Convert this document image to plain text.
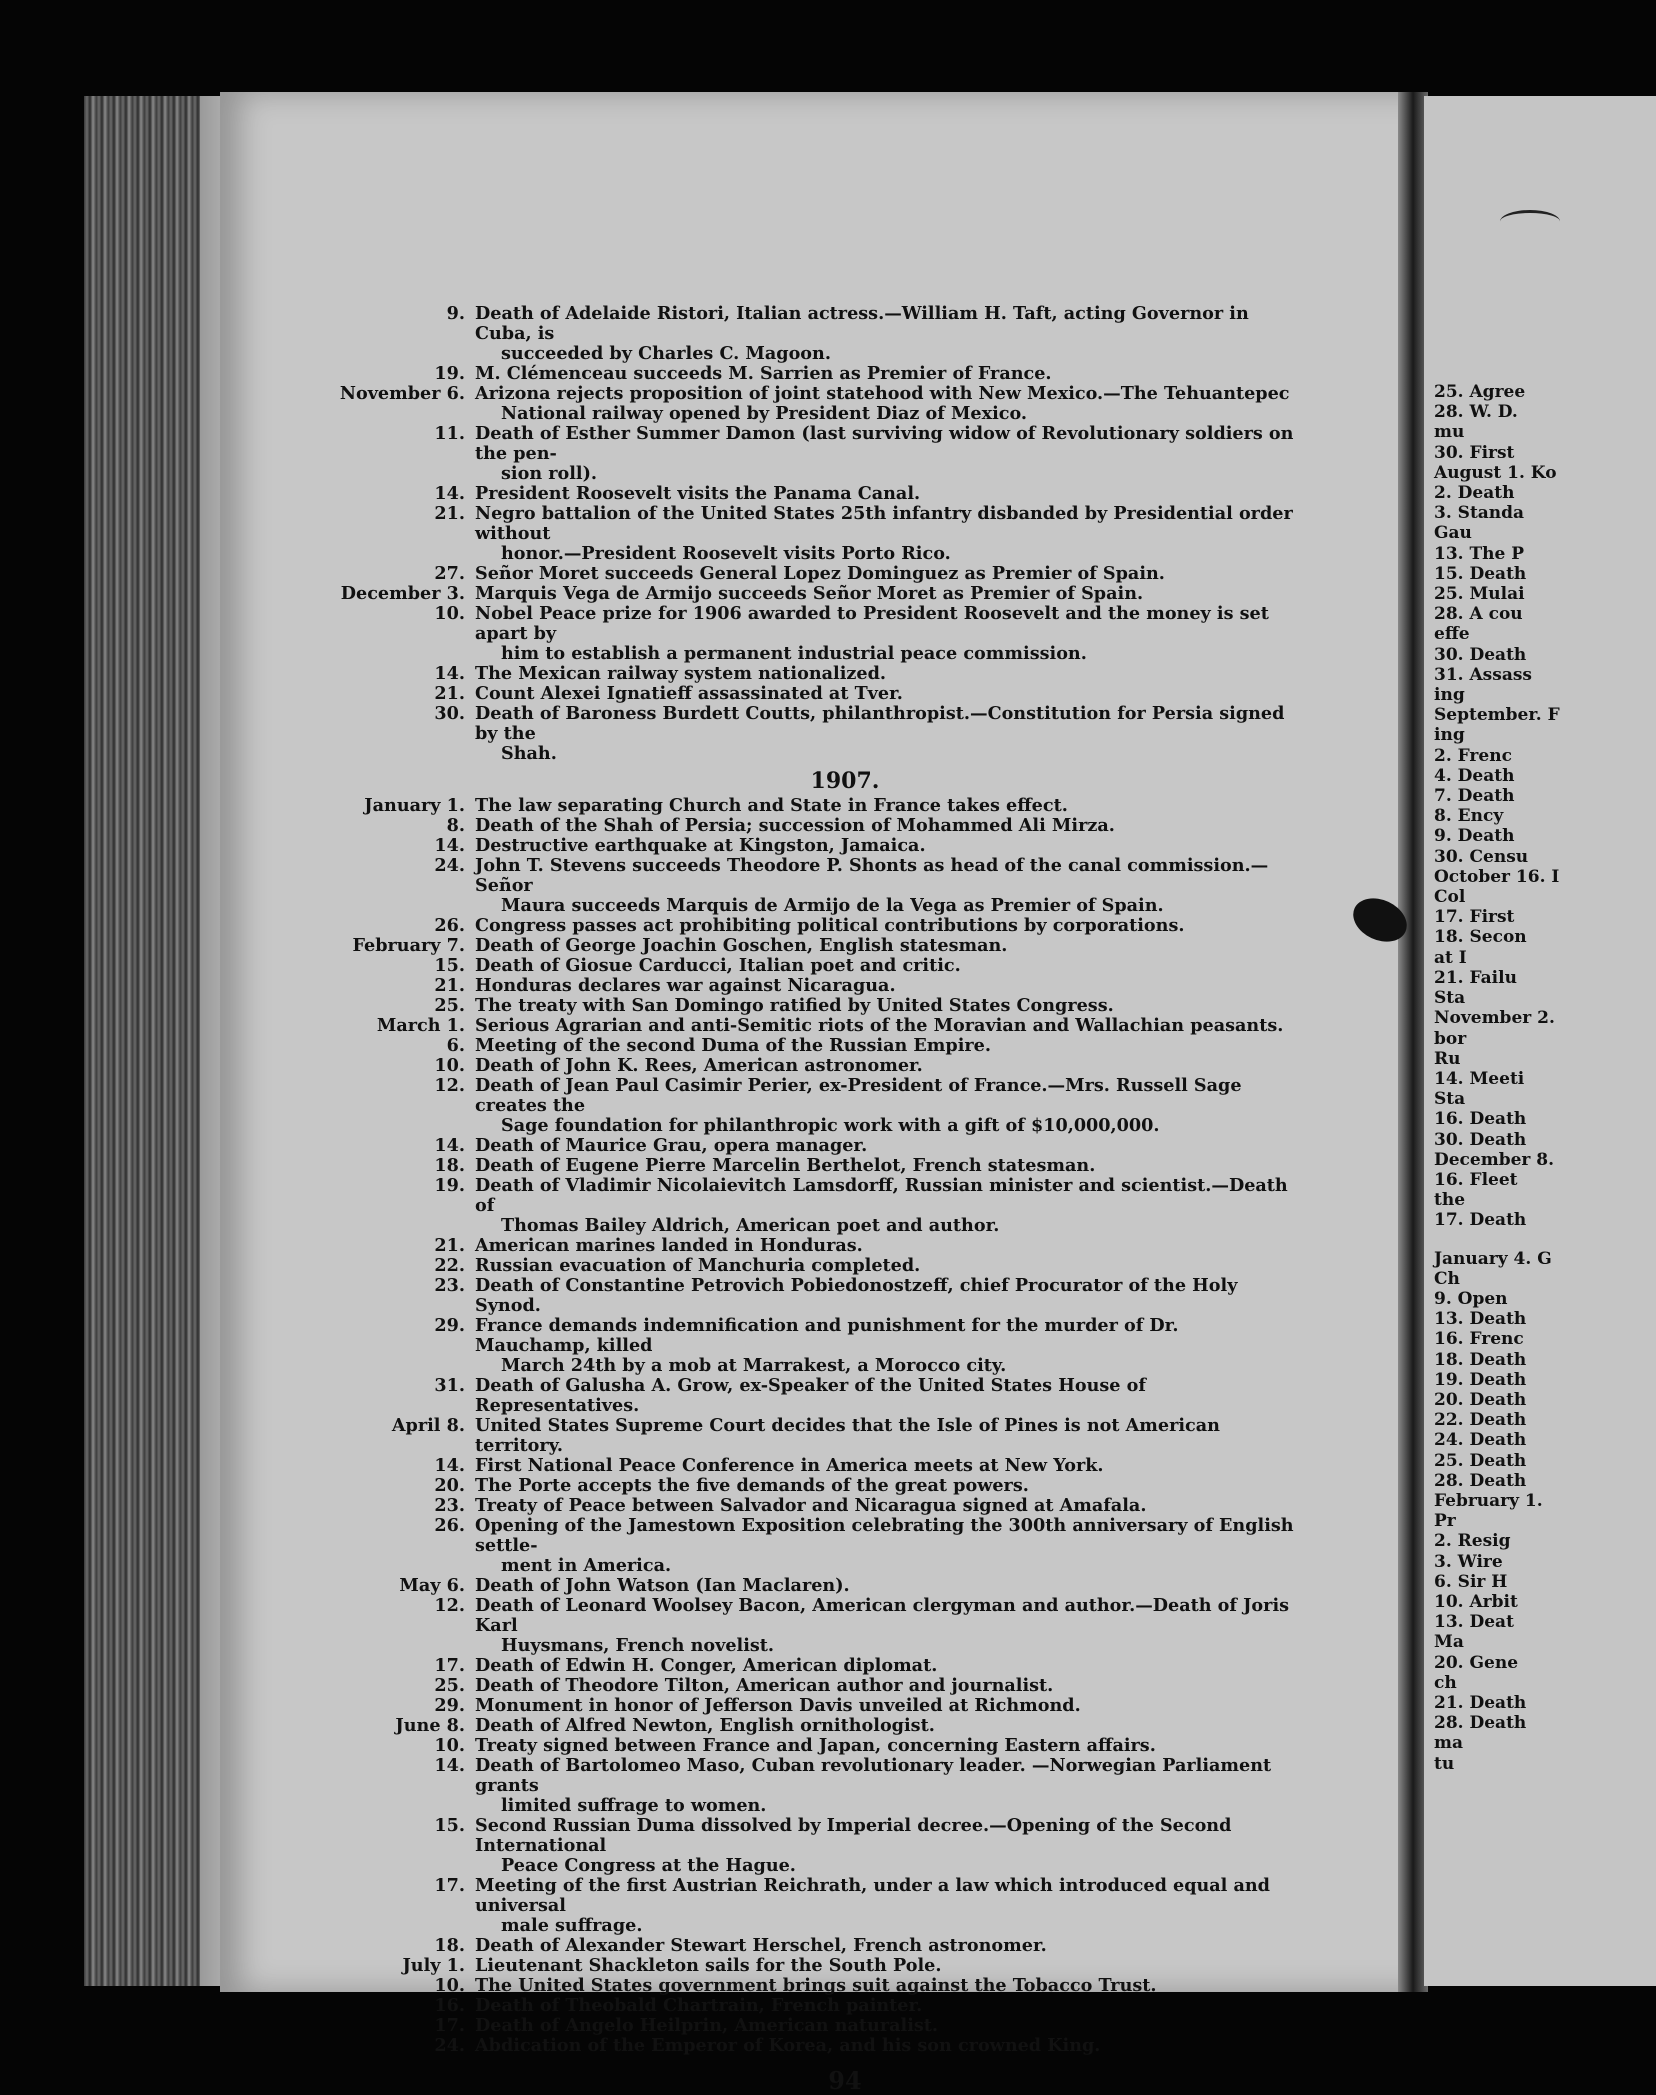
25. Agree
28. W. D.
mu
30. First
August 1. Ko
2. Death
3. Standa
Gau
13. The P
15. Death
25. Mulai
28. A cou
effe
30. Death
31. Assass
ing
September. F
ing
2. Frenc
4. Death
7. Death
8. Ency
9. Death
30. Censu
October 16. I
Col
17. First
18. Secon
at I
21. Failu
Sta
November 2.
bor
Ru
14. Meeti
Sta
16. Death
30. Death
December 8.
16. Fleet
the
17. Death
January 4. G
Ch
9. Open
13. Death
16. Frenc
18. Death
19. Death
20. Death
22. Death
24. Death
25. Death
28. Death
February 1.
Pr
2. Resig
3. Wire
6. Sir H
10. Arbit
13. Deat
Ma
20. Gene
ch
21. Death
28. Death
ma
tu
9. Death of Adelaide Ristori, Italian actress.—William H. Taft, acting Governor in Cuba, is
succeeded by Charles C. Magoon.
19. M. Clémenceau succeeds M. Sarrien as Premier of France.
November 6. Arizona rejects proposition of joint statehood with New Mexico.—The Tehuantepec
National railway opened by President Diaz of Mexico.
11. Death of Esther Summer Damon (last surviving widow of Revolutionary soldiers on the pen-
sion roll).
14. President Roosevelt visits the Panama Canal.
21. Negro battalion of the United States 25th infantry disbanded by Presidential order without
honor.—President Roosevelt visits Porto Rico.
27. Señor Moret succeeds General Lopez Dominguez as Premier of Spain.
December 3. Marquis Vega de Armijo succeeds Señor Moret as Premier of Spain.
10. Nobel Peace prize for 1906 awarded to President Roosevelt and the money is set apart by
him to establish a permanent industrial peace commission.
14. The Mexican railway system nationalized.
21. Count Alexei Ignatieff assassinated at Tver.
30. Death of Baroness Burdett Coutts, philanthropist.—Constitution for Persia signed by the
Shah.
1907.
January 1. The law separating Church and State in France takes effect.
8. Death of the Shah of Persia; succession of Mohammed Ali Mirza.
14. Destructive earthquake at Kingston, Jamaica.
24. John T. Stevens succeeds Theodore P. Shonts as head of the canal commission.—Señor
Maura succeeds Marquis de Armijo de la Vega as Premier of Spain.
26. Congress passes act prohibiting political contributions by corporations.
February 7. Death of George Joachin Goschen, English statesman.
15. Death of Giosue Carducci, Italian poet and critic.
21. Honduras declares war against Nicaragua.
25. The treaty with San Domingo ratified by United States Congress.
March 1. Serious Agrarian and anti-Semitic riots of the Moravian and Wallachian peasants.
6. Meeting of the second Duma of the Russian Empire.
10. Death of John K. Rees, American astronomer.
12. Death of Jean Paul Casimir Perier, ex-President of France.—Mrs. Russell Sage creates the
Sage foundation for philanthropic work with a gift of $10,000,000.
14. Death of Maurice Grau, opera manager.
18. Death of Eugene Pierre Marcelin Berthelot, French statesman.
19. Death of Vladimir Nicolaievitch Lamsdorff, Russian minister and scientist.—Death of
Thomas Bailey Aldrich, American poet and author.
21. American marines landed in Honduras.
22. Russian evacuation of Manchuria completed.
23. Death of Constantine Petrovich Pobiedonostzeff, chief Procurator of the Holy Synod.
29. France demands indemnification and punishment for the murder of Dr. Mauchamp, killed
March 24th by a mob at Marrakest, a Morocco city.
31. Death of Galusha A. Grow, ex-Speaker of the United States House of Representatives.
April 8. United States Supreme Court decides that the Isle of Pines is not American territory.
14. First National Peace Conference in America meets at New York.
20. The Porte accepts the five demands of the great powers.
23. Treaty of Peace between Salvador and Nicaragua signed at Amafala.
26. Opening of the Jamestown Exposition celebrating the 300th anniversary of English settle-
ment in America.
May 6. Death of John Watson (Ian Maclaren).
12. Death of Leonard Woolsey Bacon, American clergyman and author.—Death of Joris Karl
Huysmans, French novelist.
17. Death of Edwin H. Conger, American diplomat.
25. Death of Theodore Tilton, American author and journalist.
29. Monument in honor of Jefferson Davis unveiled at Richmond.
June 8. Death of Alfred Newton, English ornithologist.
10. Treaty signed between France and Japan, concerning Eastern affairs.
14. Death of Bartolomeo Maso, Cuban revolutionary leader. —Norwegian Parliament grants
limited suffrage to women.
15. Second Russian Duma dissolved by Imperial decree.—Opening of the Second International
Peace Congress at the Hague.
17. Meeting of the first Austrian Reichrath, under a law which introduced equal and universal
male suffrage.
18. Death of Alexander Stewart Herschel, French astronomer.
July 1. Lieutenant Shackleton sails for the South Pole.
10. The United States government brings suit against the Tobacco Trust.
16. Death of Theobald Chartrain, French painter.
17. Death of Angelo Heilprin, American naturalist.
24. Abdication of the Emperor of Korea, and his son crowned King.
94
